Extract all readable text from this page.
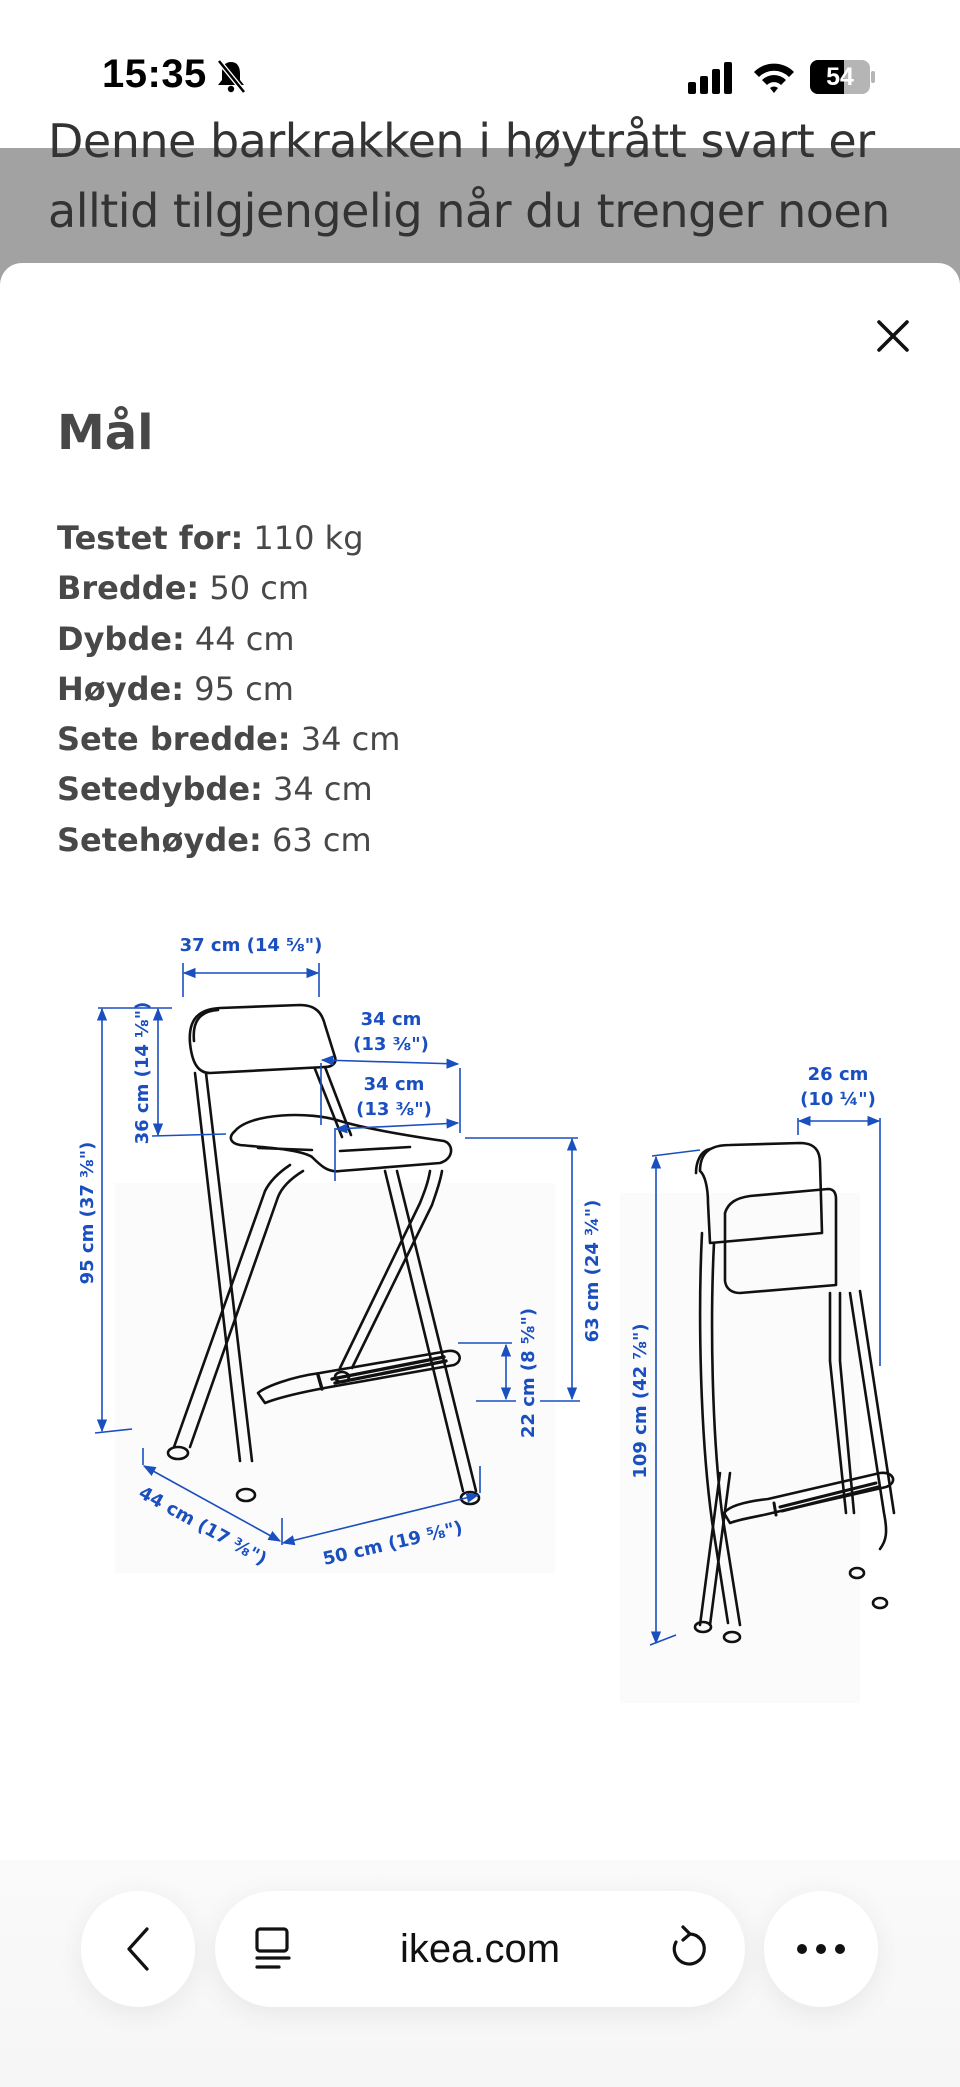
15:35	54
Denne barkrakken i høytrått svart er
alltid tilgjengelig når du trenger noen
Mål
Testet for: 110 kg
Bredde: 50 cm
Dybde: 44 cm
Høyde: 95 cm
Sete bredde: 34 cm
Setedybde: 34 cm
Setehøyde: 63 cm
37 cm (14 ⅝")
95 cm (37 ⅜")
36 cm (14 ⅛")	34 cm
(13 ⅜")
34 cm
(13 ⅜")
63 cm (24 ¾")
22 cm (8 ⅝")
44 cm (17 ⅜")	50 cm (19 ⅝")
26 cm
(10 ¼")
109 cm (42 ⅞")
ikea.com
